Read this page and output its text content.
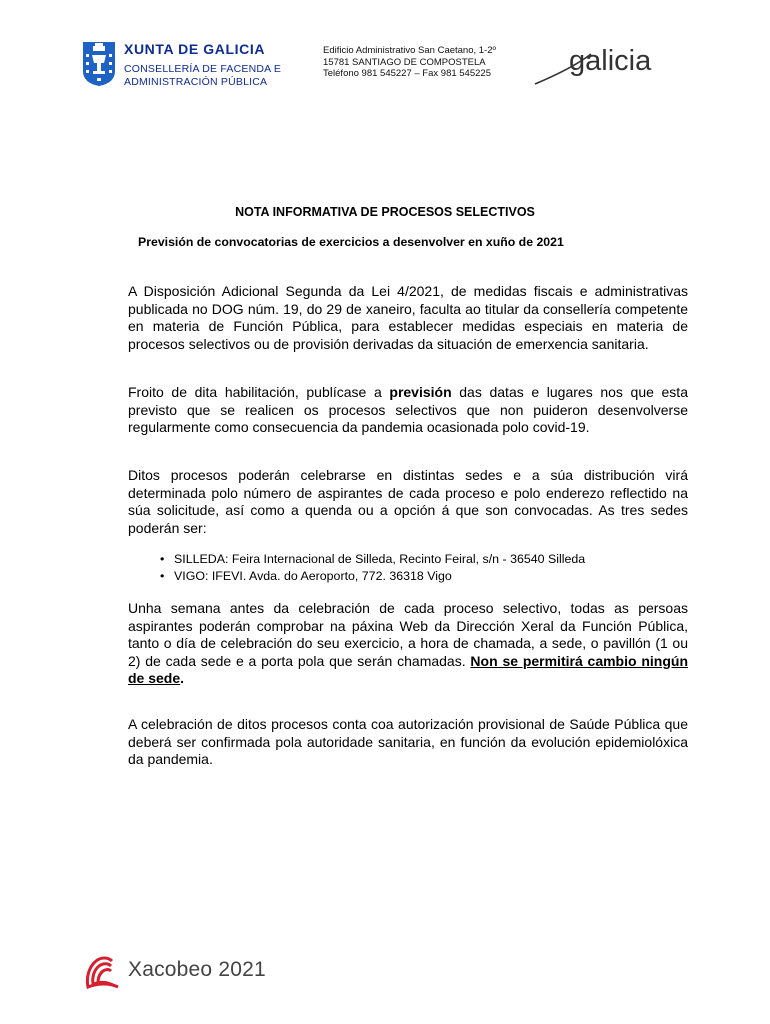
XUNTA DE GALICIA
CONSELLERÍA DE FACENDA E
ADMINISTRACIÓN PÚBLICA
Edificio Administrativo San Caetano, 1-2º
15781 SANTIAGO DE COMPOSTELA
Teléfono 981 545227 – Fax 981 545225	galicia
NOTA INFORMATIVA DE PROCESOS SELECTIVOS
Previsión de convocatorias de exercicios a desenvolver en xuño de 2021
A Disposición Adicional Segunda da Lei 4/2021, de medidas fiscais e administrativas publicada no DOG núm. 19, do 29 de xaneiro, faculta ao titular da consellería competente en materia de Función Pública, para establecer medidas especiais en materia de procesos selectivos ou de provisión derivadas da situación de emerxencia sanitaria.
Froito de dita habilitación, publícase a previsión das datas e lugares nos que esta previsto que se realicen os procesos selectivos que non puideron desenvolverse regularmente como consecuencia da pandemia ocasionada polo covid-19.
Ditos procesos poderán celebrarse en distintas sedes e a súa distribución virá determinada polo número de aspirantes de cada proceso e polo enderezo reflectido na súa solicitude, así como a quenda ou a opción á que son convocadas. As tres sedes poderán ser:
• SILLEDA: Feira Internacional de Silleda, Recinto Feiral, s/n - 36540 Silleda
• VIGO: IFEVI. Avda. do Aeroporto, 772. 36318 Vigo
Unha semana antes da celebración de cada proceso selectivo, todas as persoas aspirantes poderán comprobar na páxina Web da Dirección Xeral da Función Pública, tanto o día de celebración do seu exercicio, a hora de chamada, a sede, o pavillón (1 ou 2) de cada sede e a porta pola que serán chamadas. Non se permitirá cambio ningún de sede.
A celebración de ditos procesos conta coa autorización provisional de Saúde Pública que deberá ser confirmada pola autoridade sanitaria, en función da evolución epidemiolóxica da pandemia.
Xacobeo 2021
